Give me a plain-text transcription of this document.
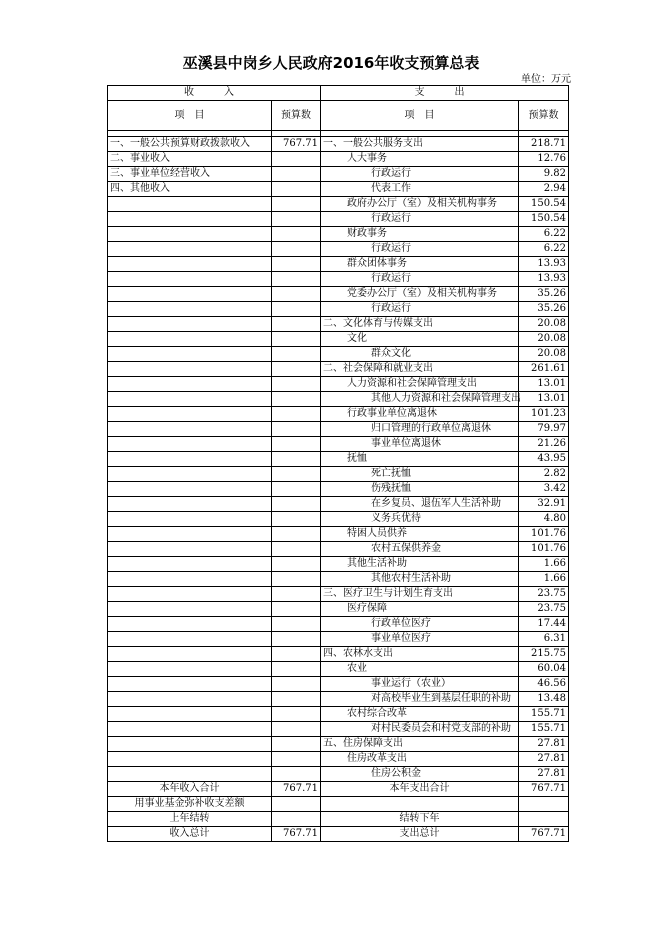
巫溪县中岗乡人民政府2016年收支预算总表
单位：万元
收　入		支　出	
项　目	预算数	项　目	预算数

一、一般公共预算财政拨款收入	767.71	一、一般公共服务支出	218.71
二、事业收入		人大事务	12.76
三、事业单位经营收入		行政运行	9.82
四、其他收入		代表工作	2.94
		政府办公厅（室）及相关机构事务	150.54
		行政运行	150.54
		财政事务	6.22
		行政运行	6.22
		群众团体事务	13.93
		行政运行	13.93
		党委办公厅（室）及相关机构事务	35.26
		行政运行	35.26
		二、文化体育与传媒支出	20.08
		文化	20.08
		群众文化	20.08
		二、社会保障和就业支出	261.61
		人力资源和社会保障管理支出	13.01
		其他人力资源和社会保障管理支出	13.01
		行政事业单位离退休	101.23
		归口管理的行政单位离退休	79.97
		事业单位离退休	21.26
		抚恤	43.95
		死亡抚恤	2.82
		伤残抚恤	3.42
		在乡复员、退伍军人生活补助	32.91
		义务兵优待	4.80
		特困人员供养	101.76
		农村五保供养金	101.76
		其他生活补助	1.66
		其他农村生活补助	1.66
		三、医疗卫生与计划生育支出	23.75
		医疗保障	23.75
		行政单位医疗	17.44
		事业单位医疗	6.31
		四、农林水支出	215.75
		农业	60.04
		事业运行（农业）	46.56
		对高校毕业生到基层任职的补助	13.48
		农村综合改革	155.71
		对村民委员会和村党支部的补助	155.71
		五、住房保障支出	27.81
		住房改革支出	27.81
		住房公积金	27.81
本年收入合计	767.71	本年支出合计	767.71
用事业基金弥补收支差额			
上年结转		结转下年	
收入总计	767.71	支出总计	767.71
